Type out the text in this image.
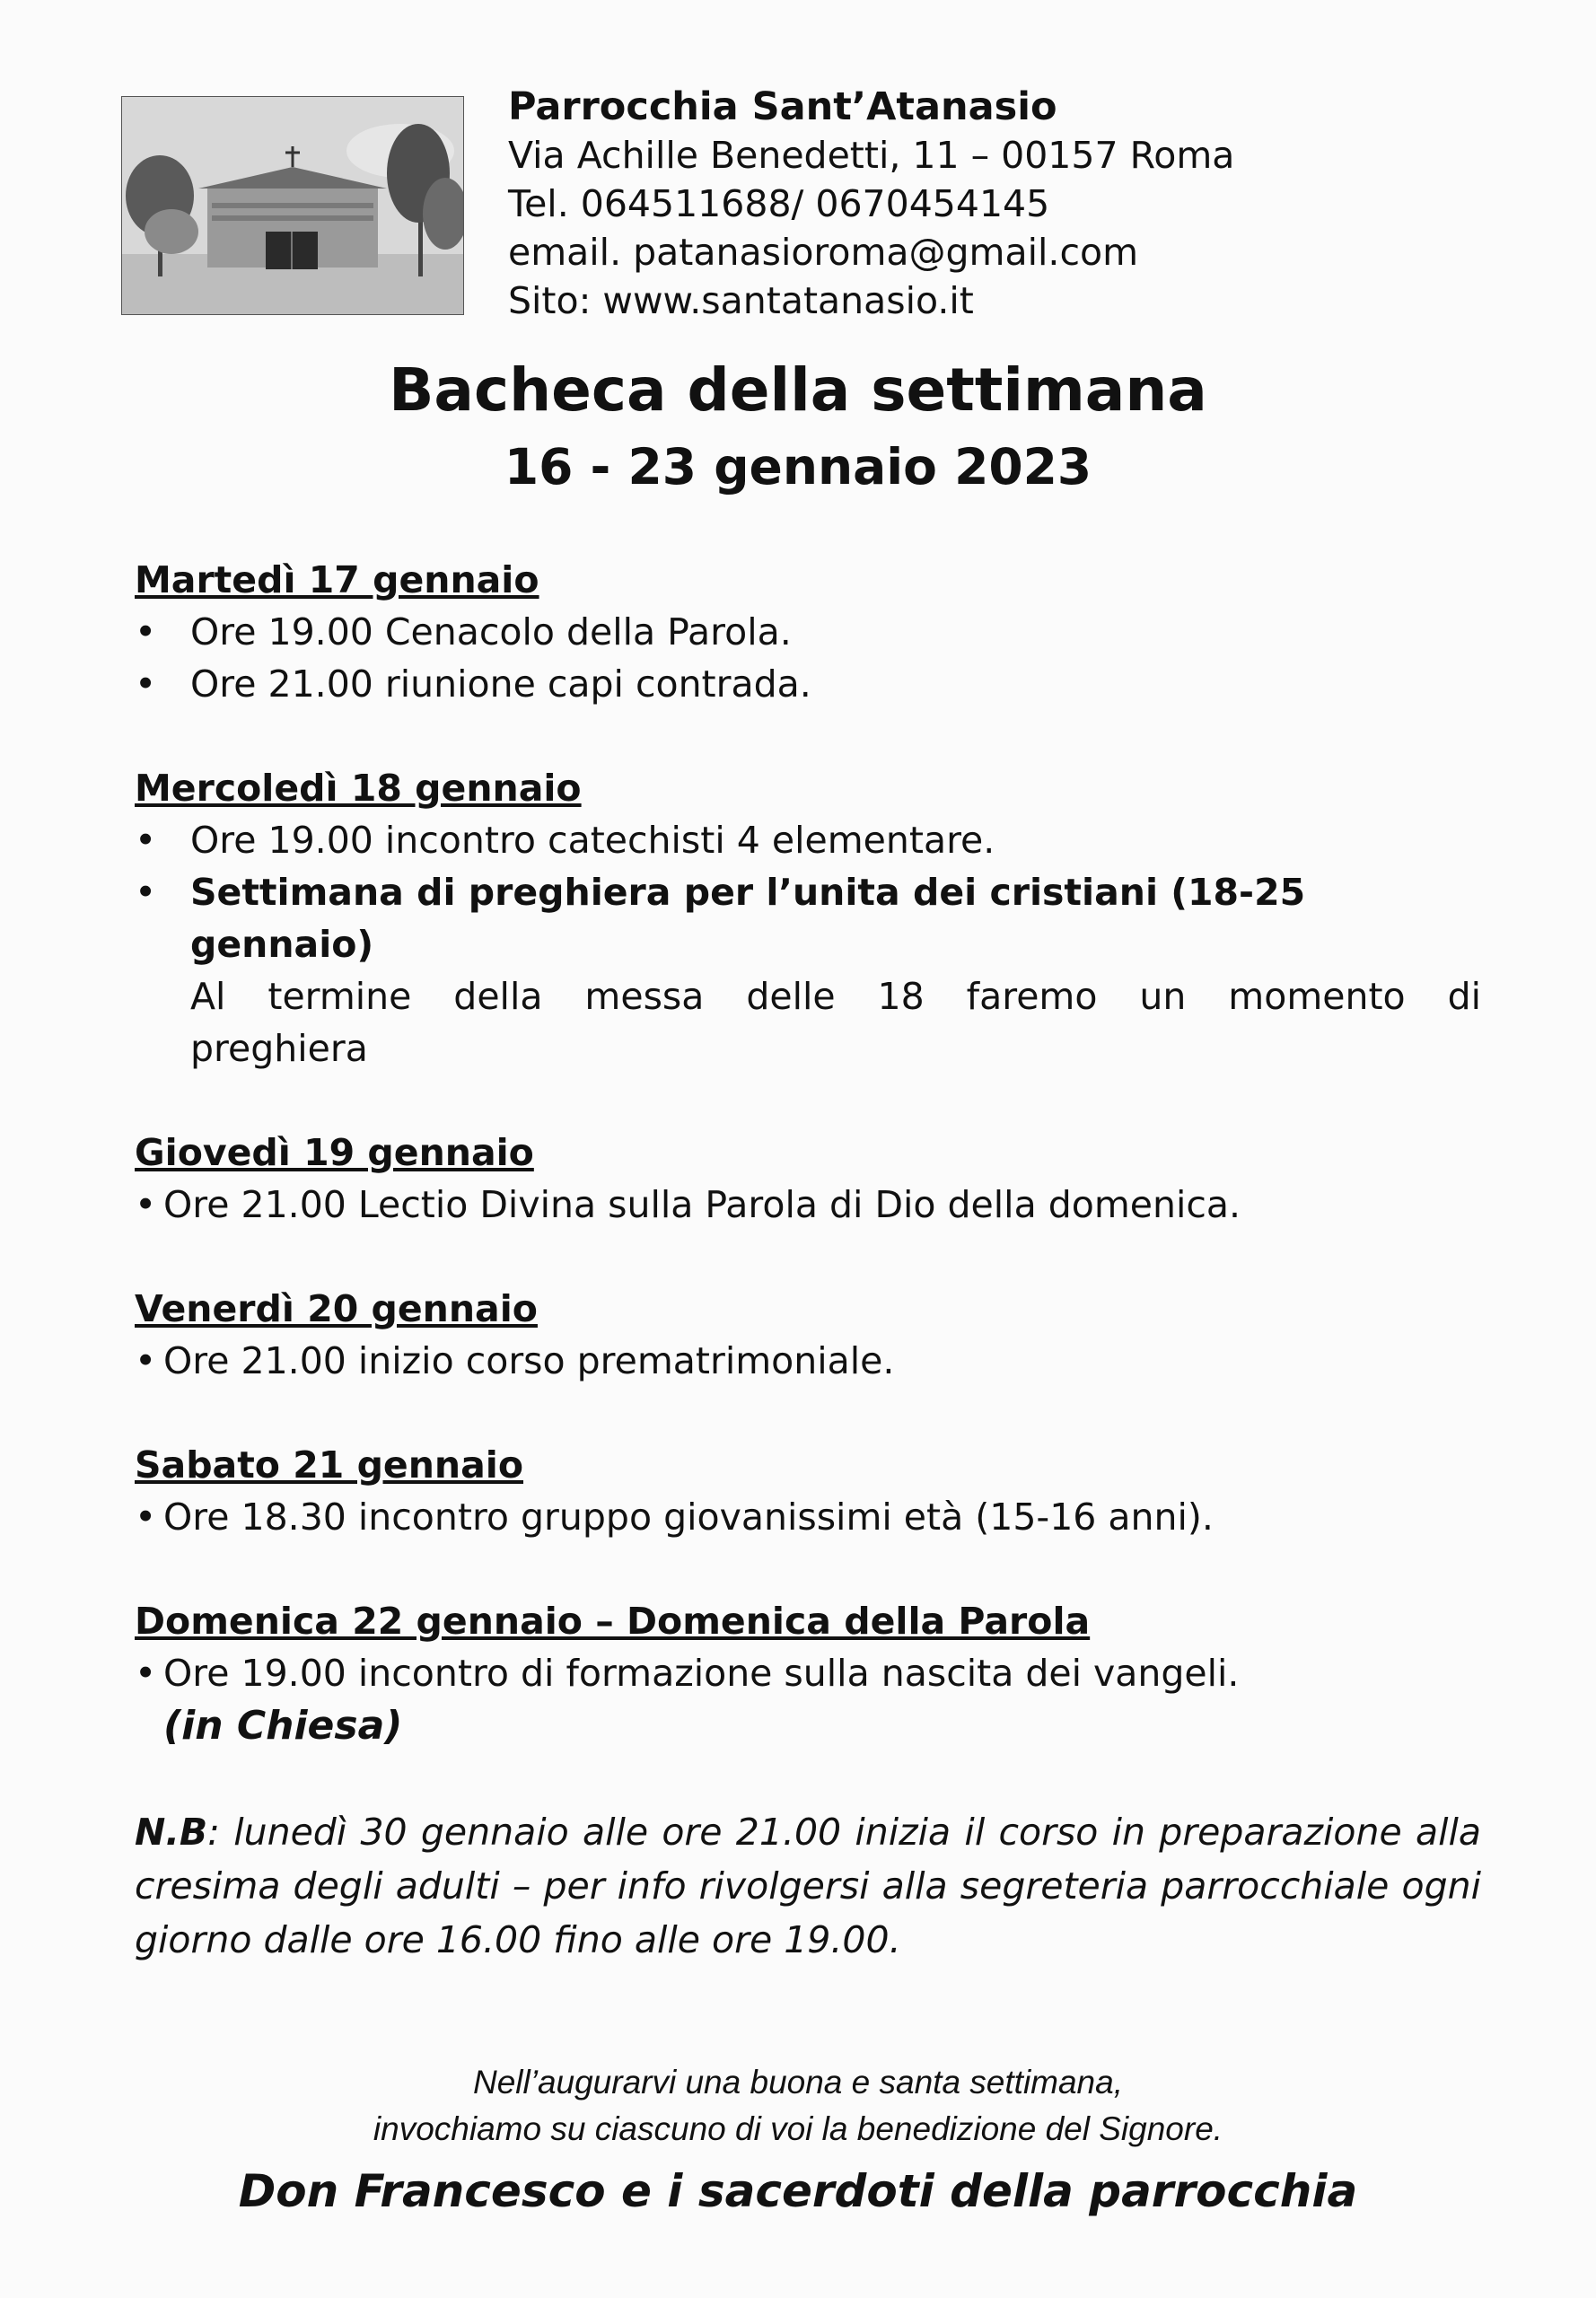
Parrocchia Sant’Atanasio

Via Achille Benedetti, 11 – 00157 Roma

Tel. 064511688/ 0670454145

email. patanasioroma@gmail.com

Sito: www.santatanasio.it

Bacheca della settimana

16 - 23 gennaio 2023

Martedì 17 gennaio

• Ore 19.00 Cenacolo della Parola.
• Ore 21.00 riunione capi contrada.

Mercoledì 18 gennaio

• Ore 19.00 incontro catechisti 4 elementare.
• Settimana di preghiera per l’unita dei cristiani (18-25 gennaio)
Al termine della messa delle 18 faremo un momento di
preghiera

Giovedì 19 gennaio

• Ore 21.00 Lectio Divina sulla Parola di Dio della domenica.

Venerdì 20 gennaio

• Ore 21.00 inizio corso prematrimoniale.

Sabato 21 gennaio

• Ore 18.30 incontro gruppo giovanissimi età (15-16 anni).

Domenica 22 gennaio – Domenica della Parola

• Ore 19.00 incontro di formazione sulla nascita dei vangeli.

(in Chiesa)

N.B: lunedì 30 gennaio alle ore 21.00 inizia il corso in preparazione alla cresima degli adulti – per info rivolgersi alla segreteria parrocchiale ogni giorno dalle ore 16.00 fino alle ore 19.00.

Nell’augurarvi una buona e santa settimana,

invochiamo su ciascuno di voi la benedizione del Signore.

Don Francesco e i sacerdoti della parrocchia
